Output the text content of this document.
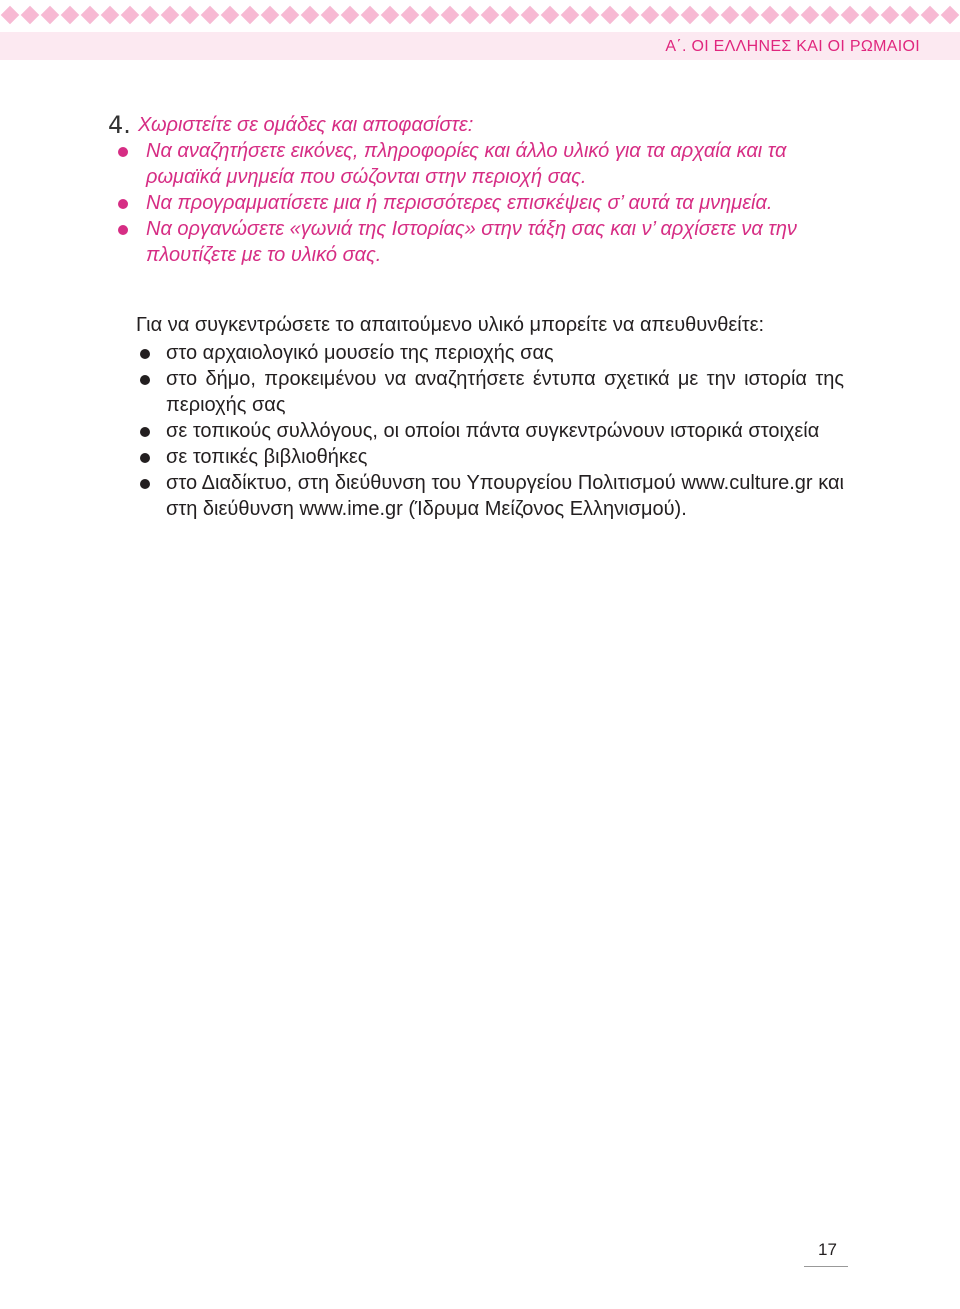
Α΄. ΟΙ ΕΛΛΗΝΕΣ ΚΑΙ ΟΙ ΡΩΜΑΙΟΙ
4. Χωριστείτε σε ομάδες και αποφασίστε:
Να αναζητήσετε εικόνες, πληροφορίες και άλλο υλικό για τα αρχαία και τα ρωμαϊκά μνημεία που σώζονται στην περιοχή σας.
Να προγραμματίσετε μια ή περισσότερες επισκέψεις σ’ αυτά τα μνημεία.
Να οργανώσετε «γωνιά της Ιστορίας» στην τάξη σας και ν’ αρχίσετε να την πλουτίζετε με το υλικό σας.

Για να συγκεντρώσετε το απαιτούμενο υλικό μπορείτε να απευθυνθείτε:

στο αρχαιολογικό μουσείο της περιοχής σας
στο δήμο, προκειμένου να αναζητήσετε έντυπα σχετικά με την ιστορία της περιοχής σας
σε τοπικούς συλλόγους, οι οποίοι πάντα συγκεντρώνουν ιστορικά στοιχεία
σε τοπικές βιβλιοθήκες
στο Διαδίκτυο, στη διεύθυνση του Υπουργείου Πολιτισμού www.culture.gr και στη διεύθυνση www.ime.gr (Ίδρυμα Μείζονος Ελληνισμού).
17
